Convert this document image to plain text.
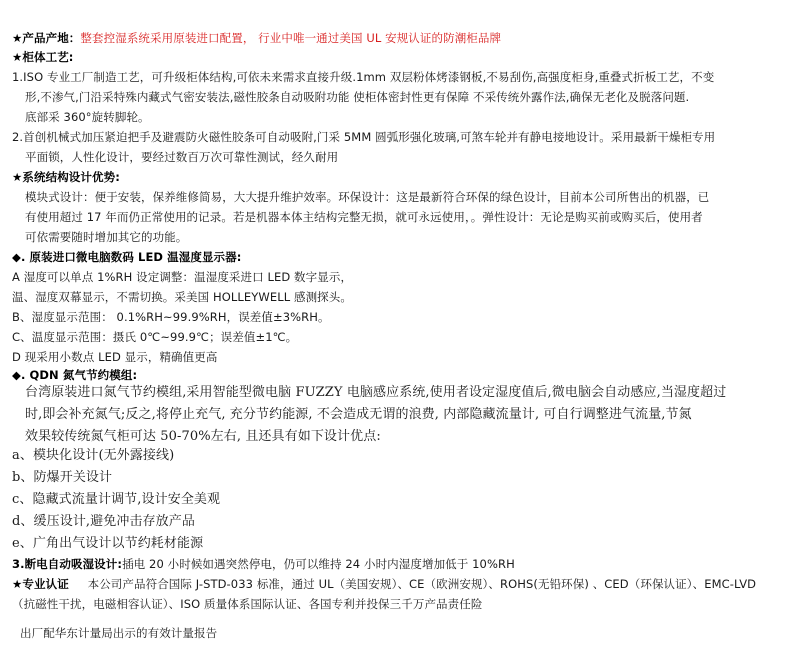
★产品产地：整套控湿系统采用原装进口配置， 行业中唯一通过美国 UL 安规认证的防潮柜品牌
★柜体工艺:
1.ISO 专业工厂制造工艺，可升级柜体结构,可依未来需求直接升级.1mm 双层粉体烤漆钢板,不易刮伤,高强度柜身,重叠式折板工艺，不变
形,不渗气,门沿采特殊内藏式气密安装法,磁性胶条自动吸附功能 使柜体密封性更有保障 不采传统外露作法,确保无老化及脱落问题.
底部采 360°旋转脚轮。
2.首创机械式加压紧迫把手及避震防火磁性胶条可自动吸附,门采 5MM 圆弧形强化玻璃,可煞车轮并有静电接地设计。采用最新干燥柜专用
平面锁，人性化设计，要经过数百万次可靠性测试，经久耐用
★系统结构设计优势:
模块式设计：便于安装，保养维修简易，大大提升维护效率。环保设计：这是最新符合环保的绿色设计，目前本公司所售出的机器，已
有使用超过 17 年而仍正常使用的记录。若是机器本体主结构完整无损，就可永远使用，。弹性设计：无论是购买前或购买后，使用者
可依需要随时增加其它的功能。
◆. 原装进口微电脑数码 LED 温湿度显示器:
A 湿度可以单点 1%RH 设定调整：温湿度采进口 LED 数字显示，
温、湿度双幕显示，不需切换。采美国 HOLLEYWELL 感测探头。
B、湿度显示范围： 0.1%RH~99.9%RH，误差值±3%RH。
C、温度显示范围：摄氏 0℃~99.9℃；误差值±1℃。
D 现采用小数点 LED 显示，精确值更高
◆. QDN 氮气节约模组:
台湾原装进口氮气节约模组,采用智能型微电脑 FUZZY 电脑感应系统,使用者设定湿度值后,微电脑会自动感应,当湿度超过
时,即会补充氮气;反之,将停止充气, 充分节约能源, 不会造成无谓的浪费, 内部隐藏流量计, 可自行调整进气流量,节氮
效果较传统氮气柜可达 50-70%左右, 且还具有如下设计优点:
a、模块化设计(无外露接线)
b、防爆开关设计
c、隐藏式流量计调节,设计安全美观
d、缓压设计,避免冲击存放产品
e、广角出气设计以节约耗材能源
3.断电自动吸湿设计:插电 20 小时候如遇突然停电，仍可以维持 24 小时内湿度增加低于 10%RH
★专业认证 本公司产品符合国际 J-STD-033 标准，通过 UL（美国安规）、CE（欧洲安规）、ROHS(无铅环保) 、CED（环保认证）、EMC-LVD
（抗磁性干扰，电磁相容认证）、ISO 质量体系国际认证、各国专利并投保三千万产品责任险
出厂配华东计量局出示的有效计量报告
